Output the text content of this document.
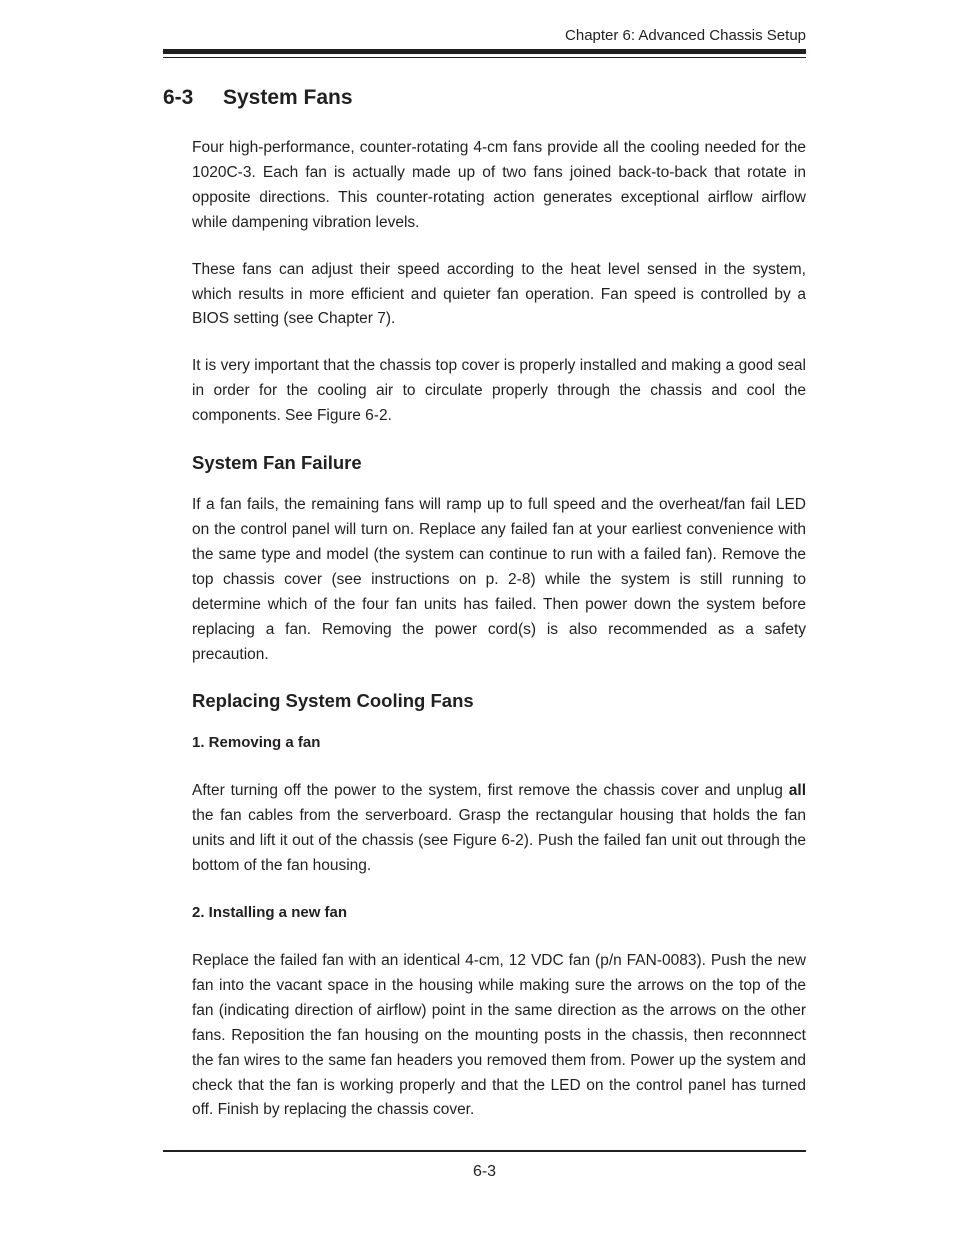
Chapter 6: Advanced Chassis Setup
6-3 System Fans

Four high-performance, counter-rotating 4-cm fans provide all the cooling needed for the 1020C-3. Each fan is actually made up of two fans joined back-to-back that rotate in opposite directions. This counter-rotating action generates exceptional airflow airflow while dampening vibration levels.

These fans can adjust their speed according to the heat level sensed in the system, which results in more efficient and quieter fan operation. Fan speed is controlled by a BIOS setting (see Chapter 7).

It is very important that the chassis top cover is properly installed and making a good seal in order for the cooling air to circulate properly through the chassis and cool the components. See Figure 6-2.

System Fan Failure

If a fan fails, the remaining fans will ramp up to full speed and the overheat/fan fail LED on the control panel will turn on. Replace any failed fan at your earliest convenience with the same type and model (the system can continue to run with a failed fan). Remove the top chassis cover (see instructions on p. 2-8) while the system is still running to determine which of the four fan units has failed. Then power down the system before replacing a fan. Removing the power cord(s) is also recommended as a safety precaution.

Replacing System Cooling Fans
1. Removing a fan

After turning off the power to the system, first remove the chassis cover and unplug all the fan cables from the serverboard. Grasp the rectangular housing that holds the fan units and lift it out of the chassis (see Figure 6-2). Push the failed fan unit out through the bottom of the fan housing.

2. Installing a new fan

Replace the failed fan with an identical 4-cm, 12 VDC fan (p/n FAN-0083). Push the new fan into the vacant space in the housing while making sure the arrows on the top of the fan (indicating direction of airflow) point in the same direction as the arrows on the other fans. Reposition the fan housing on the mounting posts in the chassis, then reconnnect the fan wires to the same fan headers you removed them from. Power up the system and check that the fan is working properly and that the LED on the control panel has turned off. Finish by replacing the chassis cover.

6-3
